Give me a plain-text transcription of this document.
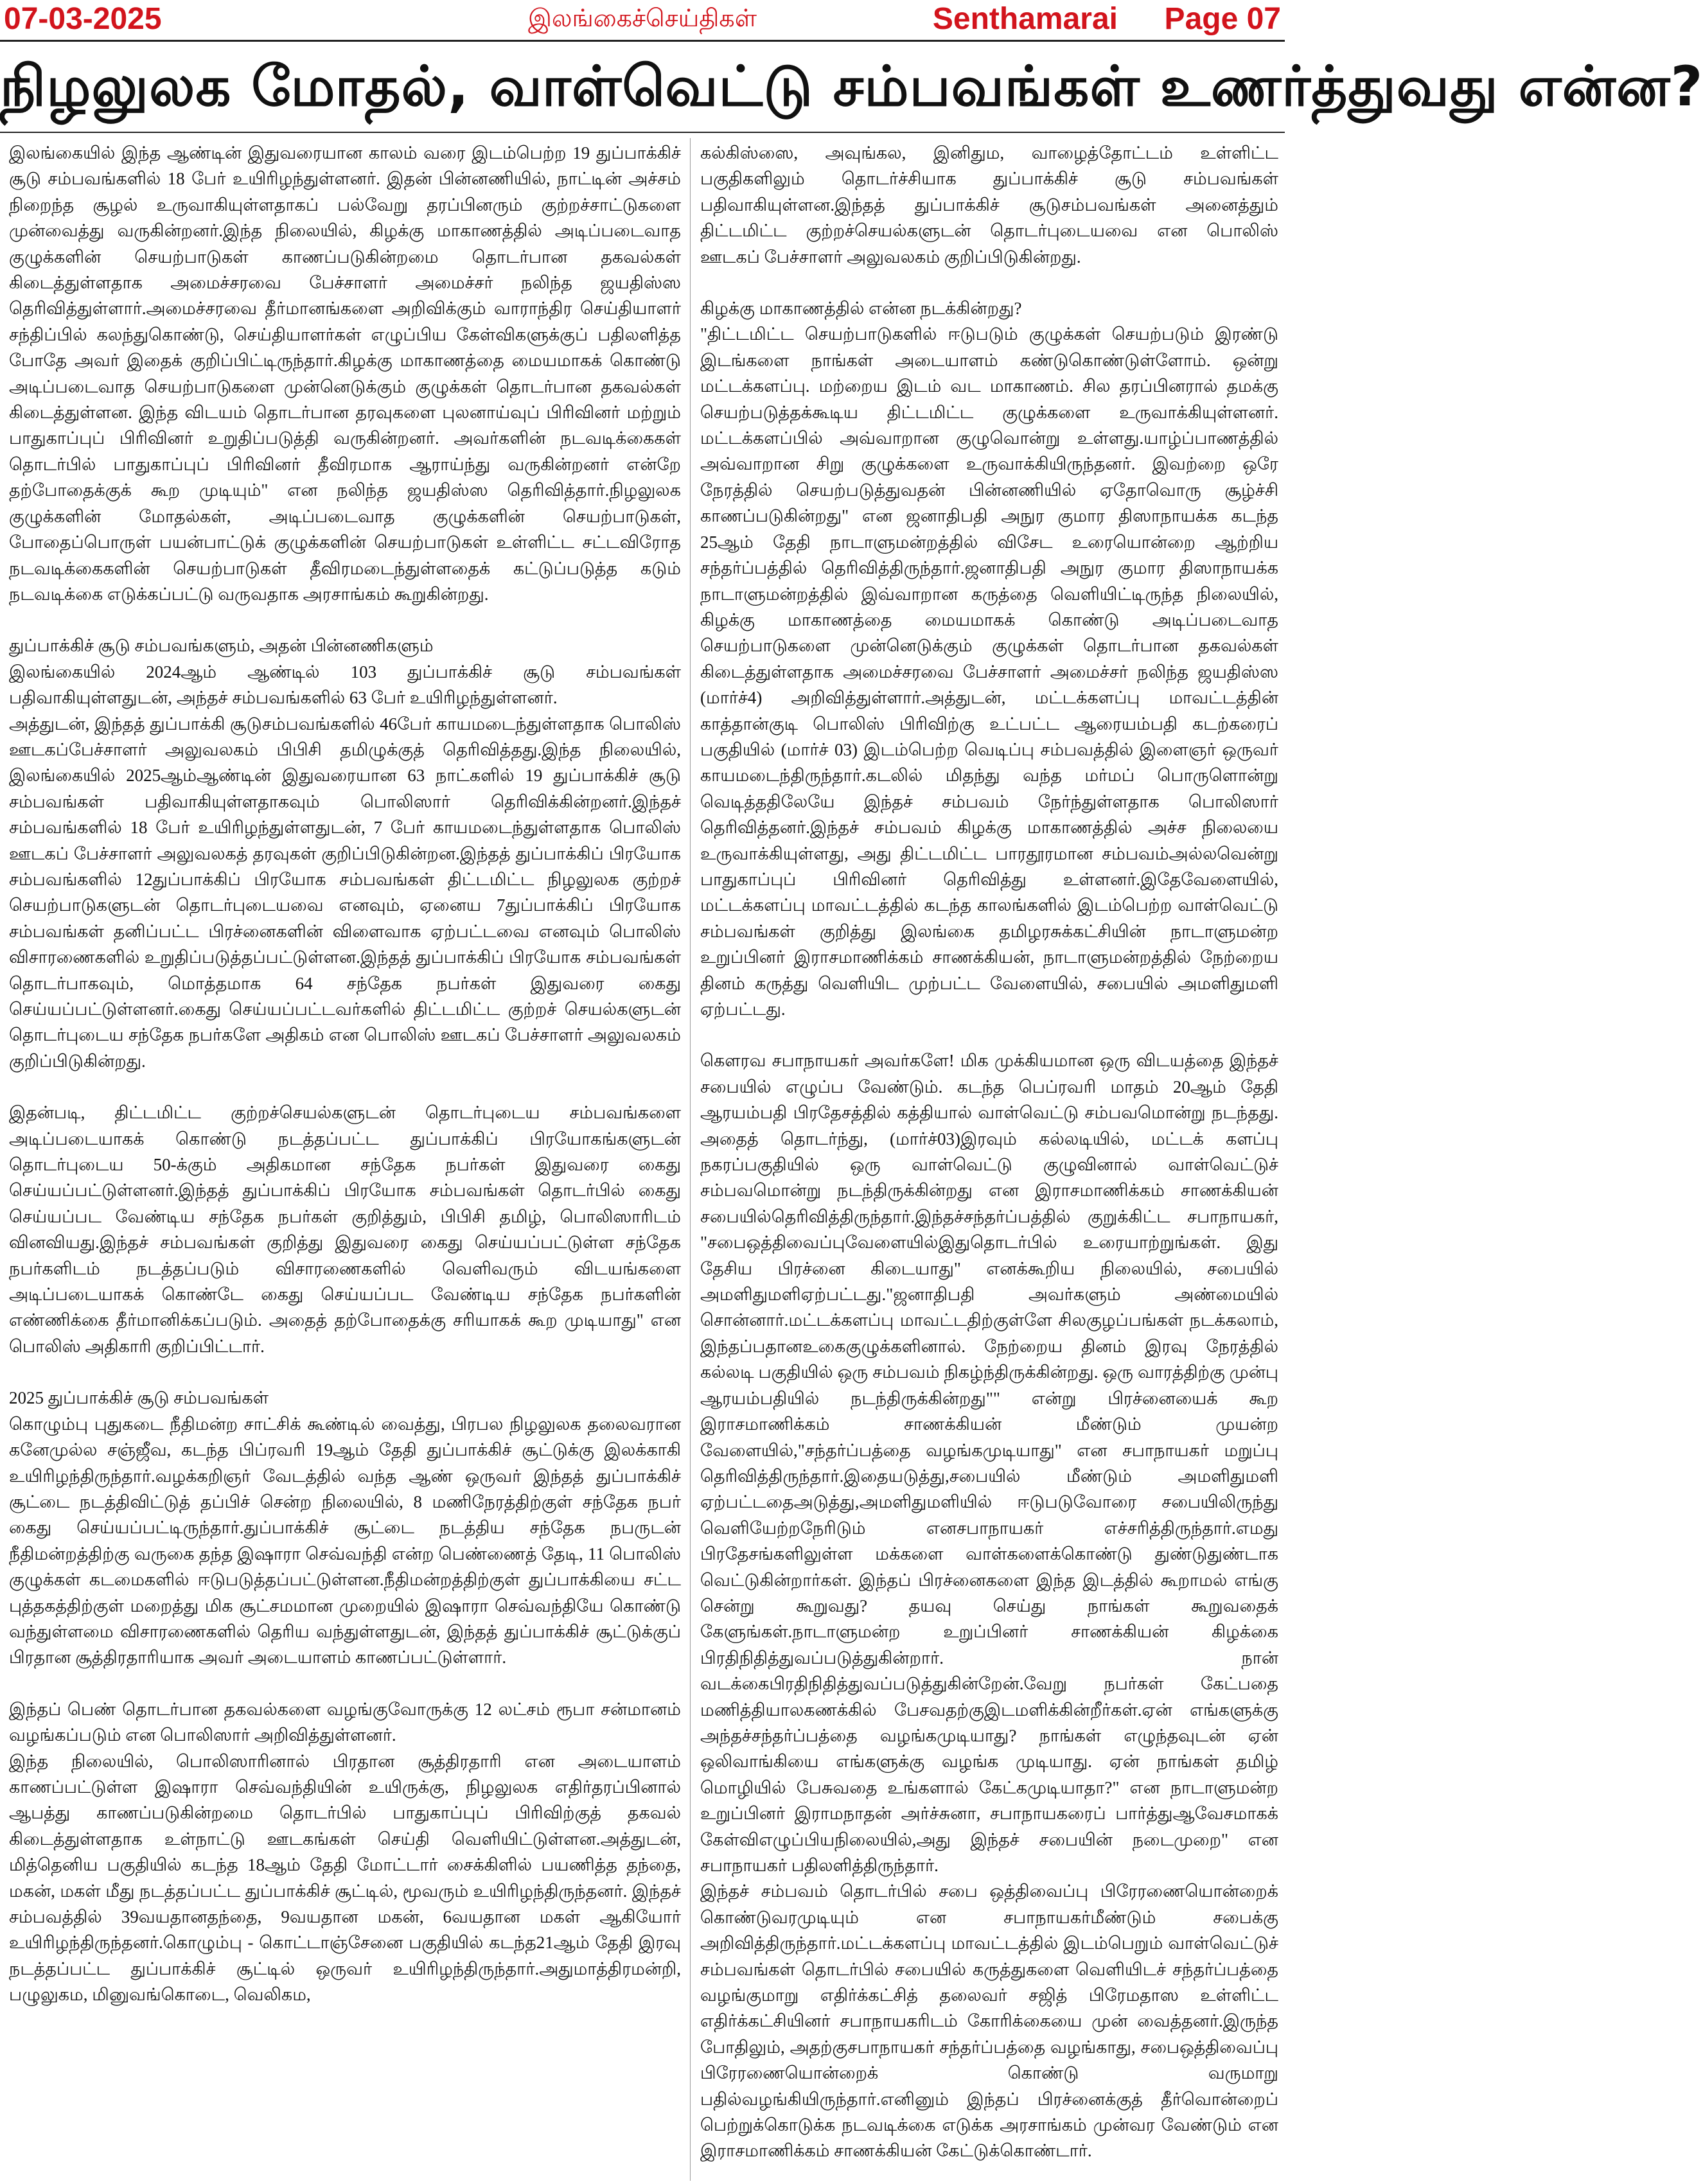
07-03-2025	இலங்கைச்செய்திகள்	Senthamarai Page 07
நிழலுலக மோதல், வாள்வெட்டு சம்பவங்கள் உணர்த்துவது என்ன?

இலங்கையில் இந்த ஆண்டின் இதுவரையான காலம் வரை இடம்பெற்ற 19 துப்பாக்கிச் சூடு சம்பவங்களில் 18 பேர் உயிரிழந்துள்ளனர். இதன் பின்னணியில், நாட்டின் அச்சம் நிறைந்த சூழல் உருவாகியுள்ளதாகப் பல்வேறு தரப்பினரும் குற்றச்சாட்டுகளை முன்வைத்து வருகின்றனர்.இந்த நிலையில், கிழக்கு மாகாணத்தில் அடிப்படைவாத குழுக்களின் செயற்பாடுகள் காணப்படுகின்றமை தொடர்பான தகவல்கள் கிடைத்துள்ளதாக அமைச்சரவை பேச்சாளர் அமைச்சர் நலிந்த ஜயதிஸ்ஸ தெரிவித்துள்ளார்.அமைச்சரவை தீர்மானங்களை அறிவிக்கும் வாராந்திர செய்தியாளர் சந்திப்பில் கலந்துகொண்டு, செய்தியாளர்கள் எழுப்பிய கேள்விகளுக்குப் பதிலளித்த போதே அவர் இதைக் குறிப்பிட்டிருந்தார்.கிழக்கு மாகாணத்தை மையமாகக் கொண்டு அடிப்படைவாத செயற்பாடுகளை முன்னெடுக்கும் குழுக்கள் தொடர்பான தகவல்கள் கிடைத்துள்ளன. இந்த விடயம் தொடர்பான தரவுகளை புலனாய்வுப் பிரிவினர் மற்றும் பாதுகாப்புப் பிரிவினர் உறுதிப்படுத்தி வருகின்றனர். அவர்களின் நடவடிக்கைகள் தொடர்பில் பாதுகாப்புப் பிரிவினர் தீவிரமாக ஆராய்ந்து வருகின்றனர் என்றே தற்போதைக்குக் கூற முடியும்" என நலிந்த ஜயதிஸ்ஸ தெரிவித்தார்.நிழலுலக குழுக்களின் மோதல்கள், அடிப்படைவாத குழுக்களின் செயற்பாடுகள், போதைப்பொருள் பயன்பாட்டுக் குழுக்களின் செயற்பாடுகள் உள்ளிட்ட சட்டவிரோத நடவடிக்கைகளின் செயற்பாடுகள் தீவிரமடைந்துள்ளதைக் கட்டுப்படுத்த கடும் நடவடிக்கை எடுக்கப்பட்டு வருவதாக அரசாங்கம் கூறுகின்றது.

துப்பாக்கிச் சூடு சம்பவங்களும், அதன் பின்னணிகளும்

இலங்கையில் 2024ஆம் ஆண்டில் 103 துப்பாக்கிச் சூடு சம்பவங்கள் பதிவாகியுள்ளதுடன், அந்தச் சம்பவங்களில் 63 பேர் உயிரிழந்துள்ளனர்.

அத்துடன், இந்தத் துப்பாக்கி சூடுசம்பவங்களில் 46பேர் காயமடைந்துள்ளதாக பொலிஸ் ஊடகப்பேச்சாளர் அலுவலகம் பிபிசி தமிழுக்குத் தெரிவித்தது.இந்த நிலையில், இலங்கையில் 2025ஆம்ஆண்டின் இதுவரையான 63 நாட்களில் 19 துப்பாக்கிச் சூடு சம்பவங்கள் பதிவாகியுள்ளதாகவும் பொலிஸார் தெரிவிக்கின்றனர்.இந்தச் சம்பவங்களில் 18 பேர் உயிரிழந்துள்ளதுடன், 7 பேர் காயமடைந்துள்ளதாக பொலிஸ் ஊடகப் பேச்சாளர் அலுவலகத் தரவுகள் குறிப்பிடுகின்றன.இந்தத் துப்பாக்கிப் பிரயோக சம்பவங்களில் 12துப்பாக்கிப் பிரயோக சம்பவங்கள் திட்டமிட்ட நிழலுலக குற்றச் செயற்பாடுகளுடன் தொடர்புடையவை எனவும், ஏனைய 7துப்பாக்கிப் பிரயோக சம்பவங்கள் தனிப்பட்ட பிரச்னைகளின் விளைவாக ஏற்பட்டவை எனவும் பொலிஸ் விசாரணைகளில் உறுதிப்படுத்தப்பட்டுள்ளன.இந்தத் துப்பாக்கிப் பிரயோக சம்பவங்கள் தொடர்பாகவும், மொத்தமாக 64 சந்தேக நபர்கள் இதுவரை கைது செய்யப்பட்டுள்ளனர்.கைது செய்யப்பட்டவர்களில் திட்டமிட்ட குற்றச் செயல்களுடன் தொடர்புடைய சந்தேக நபர்களே அதிகம் என பொலிஸ் ஊடகப் பேச்சாளர் அலுவலகம் குறிப்பிடுகின்றது.

இதன்படி, திட்டமிட்ட குற்றச்செயல்களுடன் தொடர்புடைய சம்பவங்களை அடிப்படையாகக் கொண்டு நடத்தப்பட்ட துப்பாக்கிப் பிரயோகங்களுடன் தொடர்புடைய 50-க்கும் அதிகமான சந்தேக நபர்கள் இதுவரை கைது செய்யப்பட்டுள்ளனர்.இந்தத் துப்பாக்கிப் பிரயோக சம்பவங்கள் தொடர்பில் கைது செய்யப்பட வேண்டிய சந்தேக நபர்கள் குறித்தும், பிபிசி தமிழ், பொலிஸாரிடம் வினவியது.இந்தச் சம்பவங்கள் குறித்து இதுவரை கைது செய்யப்பட்டுள்ள சந்தேக நபர்களிடம் நடத்தப்படும் விசாரணைகளில் வெளிவரும் விடயங்களை அடிப்படையாகக் கொண்டே கைது செய்யப்பட வேண்டிய சந்தேக நபர்களின் எண்ணிக்கை தீர்மானிக்கப்படும். அதைத் தற்போதைக்கு சரியாகக் கூற முடியாது" என பொலிஸ் அதிகாரி குறிப்பிட்டார்.

2025 துப்பாக்கிச் சூடு சம்பவங்கள்

கொழும்பு புதுகடை நீதிமன்ற சாட்சிக் கூண்டில் வைத்து, பிரபல நிழலுலக தலைவரான கனேமுல்ல சஞ்ஜீவ, கடந்த பிப்ரவரி 19ஆம் தேதி துப்பாக்கிச் சூட்டுக்கு இலக்காகி உயிரிழந்திருந்தார்.வழக்கறிஞர் வேடத்தில் வந்த ஆண் ஒருவர் இந்தத் துப்பாக்கிச் சூட்டை நடத்திவிட்டுத் தப்பிச் சென்ற நிலையில், 8 மணிநேரத்திற்குள் சந்தேக நபர் கைது செய்யப்பட்டிருந்தார்.துப்பாக்கிச் சூட்டை நடத்திய சந்தேக நபருடன் நீதிமன்றத்திற்கு வருகை தந்த இஷாரா செவ்வந்தி என்ற பெண்ணைத் தேடி, 11 பொலிஸ் குழுக்கள் கடமைகளில் ஈடுபடுத்தப்பட்டுள்ளன.நீதிமன்றத்திற்குள் துப்பாக்கியை சட்ட புத்தகத்திற்குள் மறைத்து மிக சூட்சமமான முறையில் இஷாரா செவ்வந்தியே கொண்டு வந்துள்ளமை விசாரணைகளில் தெரிய வந்துள்ளதுடன், இந்தத் துப்பாக்கிச் சூட்டுக்குப் பிரதான சூத்திரதாரியாக அவர் அடையாளம் காணப்பட்டுள்ளார்.

இந்தப் பெண் தொடர்பான தகவல்களை வழங்குவோருக்கு 12 லட்சம் ரூபா சன்மானம் வழங்கப்படும் என பொலிஸார் அறிவித்துள்ளனர்.

இந்த நிலையில், பொலிஸாரினால் பிரதான சூத்திரதாரி என அடையாளம் காணப்பட்டுள்ள இஷாரா செவ்வந்தியின் உயிருக்கு, நிழலுலக எதிர்தரப்பினால் ஆபத்து காணப்படுகின்றமை தொடர்பில் பாதுகாப்புப் பிரிவிற்குத் தகவல் கிடைத்துள்ளதாக உள்நாட்டு ஊடகங்கள் செய்தி வெளியிட்டுள்ளன.அத்துடன், மித்தெனிய பகுதியில் கடந்த 18ஆம் தேதி மோட்டார் சைக்கிளில் பயணித்த தந்தை, மகன், மகள் மீது நடத்தப்பட்ட துப்பாக்கிச் சூட்டில், மூவரும் உயிரிழந்திருந்தனர். இந்தச் சம்பவத்தில் 39வயதானதந்தை, 9வயதான மகன், 6வயதான மகள் ஆகியோர் உயிரிழந்திருந்தனர்.கொழும்பு - கொட்டாஞ்சேனை பகுதியில் கடந்த21ஆம் தேதி இரவு நடத்தப்பட்ட துப்பாக்கிச் சூட்டில் ஒருவர் உயிரிழந்திருந்தார்.அதுமாத்திரமன்றி, பழுலுகம, மினுவங்கொடை, வெலிகம,

கல்கிஸ்ஸை, அவுங்கல, இனிதும, வாழைத்தோட்டம் உள்ளிட்ட பகுதிகளிலும் தொடர்ச்சியாக துப்பாக்கிச் சூடு சம்பவங்கள் பதிவாகியுள்ளன.இந்தத் துப்பாக்கிச் சூடுசம்பவங்கள் அனைத்தும் திட்டமிட்ட குற்றச்செயல்களுடன் தொடர்புடையவை என பொலிஸ் ஊடகப் பேச்சாளர் அலுவலகம் குறிப்பிடுகின்றது.

கிழக்கு மாகாணத்தில் என்ன நடக்கின்றது?

"திட்டமிட்ட செயற்பாடுகளில் ஈடுபடும் குழுக்கள் செயற்படும் இரண்டு இடங்களை நாங்கள் அடையாளம் கண்டுகொண்டுள்ளோம். ஒன்று மட்டக்களப்பு. மற்றைய இடம் வட மாகாணம். சில தரப்பினரால் தமக்கு செயற்படுத்தக்கூடிய திட்டமிட்ட குழுக்களை உருவாக்கியுள்ளனர். மட்டக்களப்பில் அவ்வாறான குழுவொன்று உள்ளது.யாழ்ப்பாணத்தில் அவ்வாறான சிறு குழுக்களை உருவாக்கியிருந்தனர். இவற்றை ஒரே நேரத்தில் செயற்படுத்துவதன் பின்னணியில் ஏதோவொரு சூழ்ச்சி காணப்படுகின்றது" என ஜனாதிபதி அநுர குமார திஸாநாயக்க கடந்த 25ஆம் தேதி நாடாளுமன்றத்தில் விசேட உரையொன்றை ஆற்றிய சந்தர்ப்பத்தில் தெரிவித்திருந்தார்.ஜனாதிபதி அநுர குமார திஸாநாயக்க நாடாளுமன்றத்தில் இவ்வாறான கருத்தை வெளியிட்டிருந்த நிலையில், கிழக்கு மாகாணத்தை மையமாகக் கொண்டு அடிப்படைவாத செயற்பாடுகளை முன்னெடுக்கும் குழுக்கள் தொடர்பான தகவல்கள் கிடைத்துள்ளதாக அமைச்சரவை பேச்சாளர் அமைச்சர் நலிந்த ஜயதிஸ்ஸ (மார்ச்4) அறிவித்துள்ளார்.அத்துடன், மட்டக்களப்பு மாவட்டத்தின் காத்தான்குடி பொலிஸ் பிரிவிற்கு உட்பட்ட ஆரையம்பதி கடற்கரைப் பகுதியில் (மார்ச் 03) இடம்பெற்ற வெடிப்பு சம்பவத்தில் இளைஞர் ஒருவர் காயமடைந்திருந்தார்.கடலில் மிதந்து வந்த மர்மப் பொருளொன்று வெடித்ததிலேயே இந்தச் சம்பவம் நேர்ந்துள்ளதாக பொலிஸார் தெரிவித்தனர்.இந்தச் சம்பவம் கிழக்கு மாகாணத்தில் அச்ச நிலையை உருவாக்கியுள்ளது, அது திட்டமிட்ட பாரதூரமான சம்பவம்அல்லவென்று பாதுகாப்புப் பிரிவினர் தெரிவித்து உள்ளனர்.இதேவேளையில், மட்டக்களப்பு மாவட்டத்தில் கடந்த காலங்களில் இடம்பெற்ற வாள்வெட்டு சம்பவங்கள் குறித்து இலங்கை தமிழரசுக்கட்சியின் நாடாளுமன்ற உறுப்பினர் இராசமாணிக்கம் சாணக்கியன், நாடாளுமன்றத்தில் நேற்றைய தினம் கருத்து வெளியிட முற்பட்ட வேளையில், சபையில் அமளிதுமளி ஏற்பட்டது.

கௌரவ சபாநாயகர் அவர்களே! மிக முக்கியமான ஒரு விடயத்தை இந்தச் சபையில் எழுப்ப வேண்டும். கடந்த பெப்ரவரி மாதம் 20ஆம் தேதி ஆரயம்பதி பிரதேசத்தில் கத்தியால் வாள்வெட்டு சம்பவமொன்று நடந்தது. அதைத் தொடர்ந்து, (மார்ச்03)இரவும் கல்லடியில், மட்டக் களப்பு நகரப்பகுதியில் ஒரு வாள்வெட்டு குழுவினால் வாள்வெட்டுச் சம்பவமொன்று நடந்திருக்கின்றது என இராசமாணிக்கம் சாணக்கியன் சபையில்தெரிவித்திருந்தார்.இந்தச்சந்தர்ப்பத்தில் குறுக்கிட்ட சபாநாயகர், "சபைஒத்திவைப்புவேளையில்இதுதொடர்பில் உரையாற்றுங்கள். இது தேசிய பிரச்னை கிடையாது" எனக்கூறிய நிலையில், சபையில் அமளிதுமளிஏற்பட்டது."ஜனாதிபதி அவர்களும் அண்மையில் சொன்னார்.மட்டக்களப்பு மாவட்டதிற்குள்ளே சிலகுழப்பங்கள் நடக்கலாம், இந்தப்பதானஉகைகுழுக்களினால். நேற்றைய தினம் இரவு நேரத்தில் கல்லடி பகுதியில் ஒரு சம்பவம் நிகழ்ந்திருக்கின்றது. ஒரு வாரத்திற்கு முன்பு ஆரயம்பதியில் நடந்திருக்கின்றது"" என்று பிரச்னையைக் கூற இராசமாணிக்கம் சாணக்கியன் மீண்டும் முயன்ற வேளையில்,"சந்தர்ப்பத்தை வழங்கமுடியாது" என சபாநாயகர் மறுப்பு தெரிவித்திருந்தார்.இதையடுத்து,சபையில் மீண்டும் அமளிதுமளி ஏற்பட்டதைஅடுத்து,அமளிதுமளியில் ஈடுபடுவோரை சபையிலிருந்து வெளியேற்றநேரிடும் எனசபாநாயகர் எச்சரித்திருந்தார்.எமது பிரதேசங்களிலுள்ள மக்களை வாள்களைக்கொண்டு துண்டுதுண்டாக வெட்டுகின்றார்கள். இந்தப் பிரச்னைகளை இந்த இடத்தில் கூறாமல் எங்கு சென்று கூறுவது? தயவு செய்து நாங்கள் கூறுவதைக் கேளுங்கள்.நாடாளுமன்ற உறுப்பினர் சாணக்கியன் கிழக்கை பிரதிநிதித்துவப்படுத்துகின்றார். நான் வடக்கைபிரதிநிதித்துவப்படுத்துகின்றேன்.வேறு நபர்கள் கேட்பதை மணித்தியாலகணக்கில் பேசவதற்குஇடமளிக்கின்றீர்கள்.ஏன் எங்களுக்கு அந்தச்சந்தர்ப்பத்தை வழங்கமுடியாது? நாங்கள் எழுந்தவுடன் ஏன் ஒலிவாங்கியை எங்களுக்கு வழங்க முடியாது. ஏன் நாங்கள் தமிழ் மொழியில் பேசுவதை உங்களால் கேட்கமுடியாதா?" என நாடாளுமன்ற உறுப்பினர் இராமநாதன் அர்ச்சுனா, சபாநாயகரைப் பார்த்துஆவேசமாகக் கேள்விஎழுப்பியநிலையில்,அது இந்தச் சபையின் நடைமுறை" என சபாநாயகர் பதிலளித்திருந்தார்.

இந்தச் சம்பவம் தொடர்பில் சபை ஒத்திவைப்பு பிரேரணையொன்றைக் கொண்டுவரமுடியும் என சபாநாயகர்மீண்டும் சபைக்கு அறிவித்திருந்தார்.மட்டக்களப்பு மாவட்டத்தில் இடம்பெறும் வாள்வெட்டுச் சம்பவங்கள் தொடர்பில் சபையில் கருத்துகளை வெளியிடச் சந்தர்ப்பத்தை வழங்குமாறு எதிர்க்கட்சித் தலைவர் சஜித் பிரேமதாஸ உள்ளிட்ட எதிர்க்கட்சியினர் சபாநாயகரிடம் கோரிக்கையை முன் வைத்தனர்.இருந்த போதிலும், அதற்குசபாநாயகர் சந்தர்ப்பத்தை வழங்காது, சபைஒத்திவைப்பு பிரேரணையொன்றைக் கொண்டு வருமாறு பதில்வழங்கியிருந்தார்.எனினும் இந்தப் பிரச்னைக்குத் தீர்வொன்றைப் பெற்றுக்கொடுக்க நடவடிக்கை எடுக்க அரசாங்கம் முன்வர வேண்டும் என இராசமாணிக்கம் சாணக்கியன் கேட்டுக்கொண்டார்.
